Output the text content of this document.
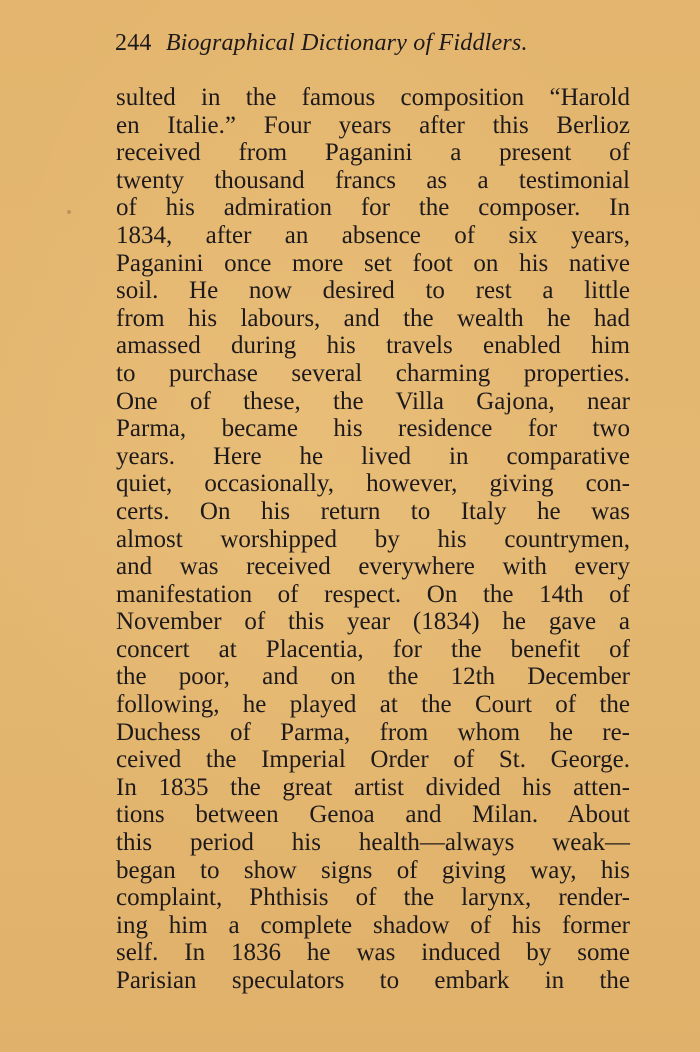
244 Biographical Dictionary of Fiddlers.
sulted in the famous composition “Harold
en Italie.” Four years after this Berlioz
received from Paganini a present of
twenty thousand francs as a testimonial
of his admiration for the composer. In
1834, after an absence of six years,
Paganini once more set foot on his native
soil. He now desired to rest a little
from his labours, and the wealth he had
amassed during his travels enabled him
to purchase several charming properties.
One of these, the Villa Gajona, near
Parma, became his residence for two
years. Here he lived in comparative
quiet, occasionally, however, giving con-
certs. On his return to Italy he was
almost worshipped by his countrymen,
and was received everywhere with every
manifestation of respect. On the 14th of
November of this year (1834) he gave a
concert at Placentia, for the benefit of
the poor, and on the 12th December
following, he played at the Court of the
Duchess of Parma, from whom he re-
ceived the Imperial Order of St. George.
In 1835 the great artist divided his atten-
tions between Genoa and Milan. About
this period his health—always weak—
began to show signs of giving way, his
complaint, Phthisis of the larynx, render-
ing him a complete shadow of his former
self. In 1836 he was induced by some
Parisian speculators to embark in the
